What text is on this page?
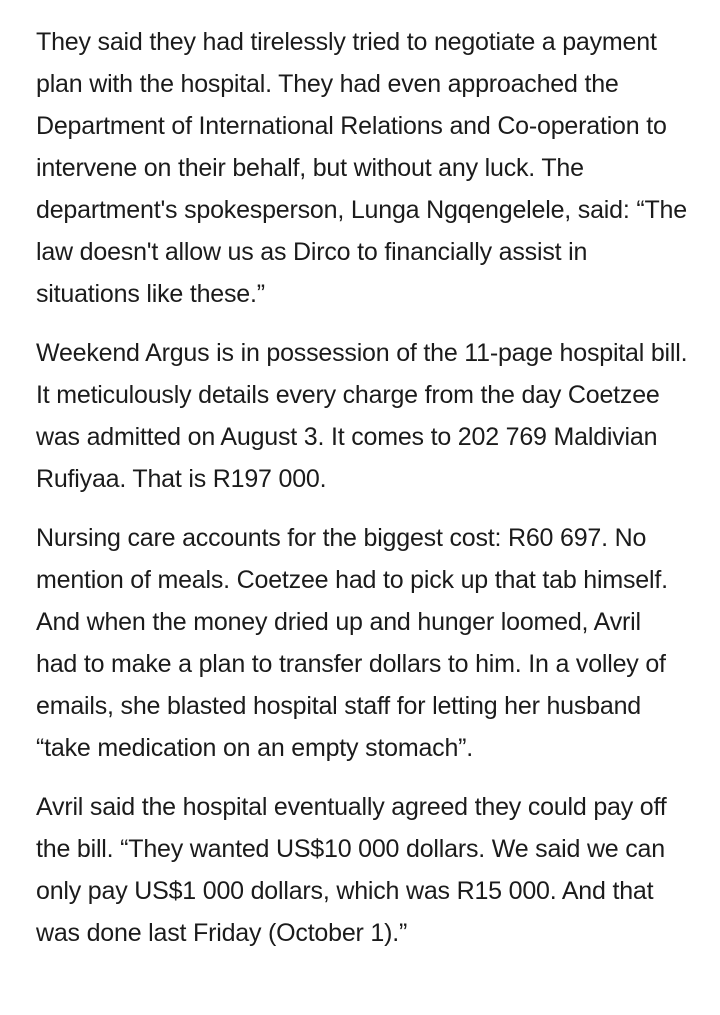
They said they had tirelessly tried to negotiate a payment plan with the hospital. They had even approached the Department of International Relations and Co-operation to intervene on their behalf, but without any luck. The department's spokesperson, Lunga Ngqengelele, said: “The law doesn't allow us as Dirco to financially assist in situations like these.”

Weekend Argus is in possession of the 11-page hospital bill. It meticulously details every charge from the day Coetzee was admitted on August 3. It comes to 202 769 Maldivian Rufiyaa. That is R197 000.

Nursing care accounts for the biggest cost: R60 697. No mention of meals. Coetzee had to pick up that tab himself. And when the money dried up and hunger loomed, Avril had to make a plan to transfer dollars to him. In a volley of emails, she blasted hospital staff for letting her husband “take medication on an empty stomach”.

Avril said the hospital eventually agreed they could pay off the bill. “They wanted US$10 000 dollars. We said we can only pay US$1 000 dollars, which was R15 000. And that was done last Friday (October 1).”
